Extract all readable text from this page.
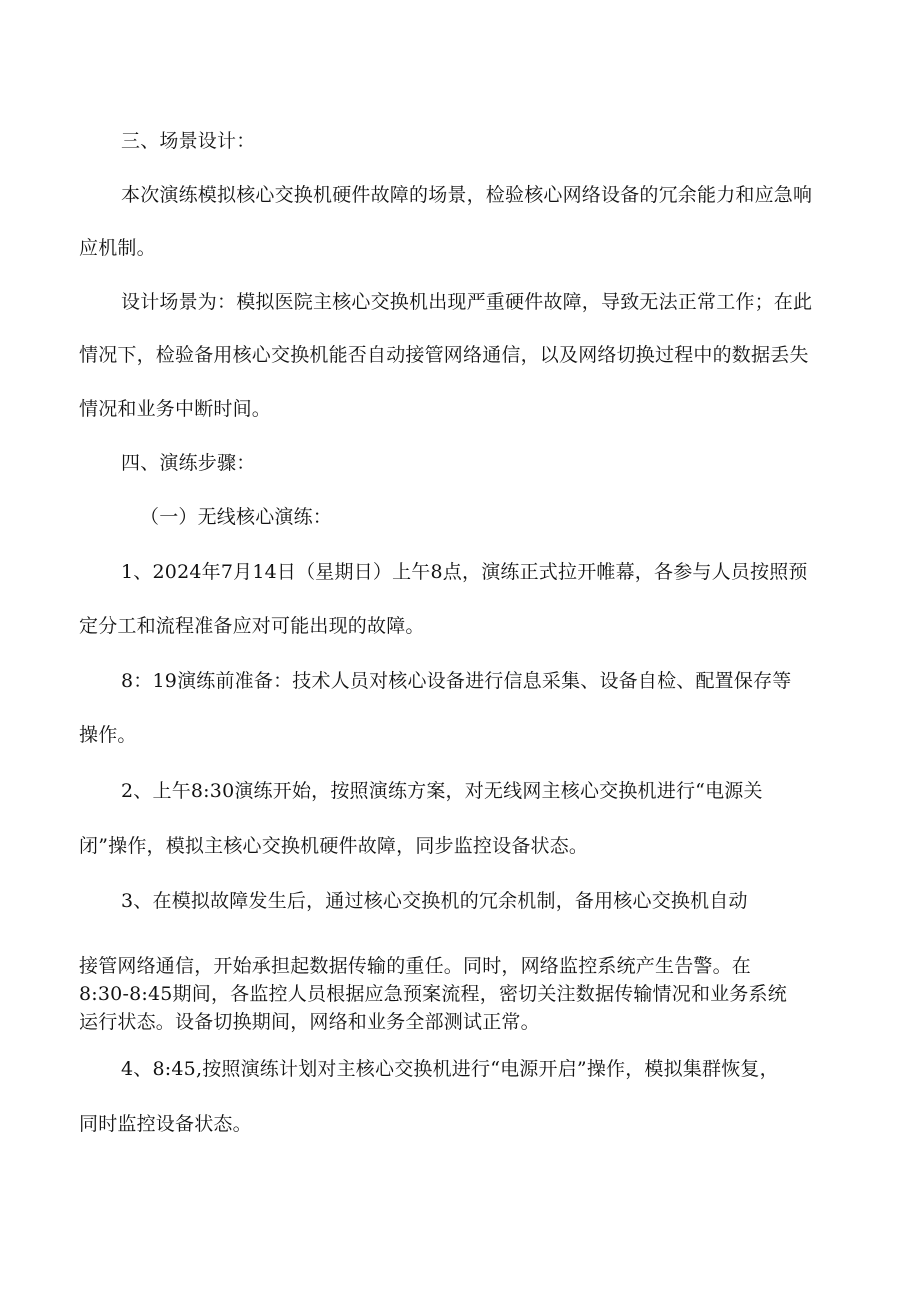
三、场景设计：
本次演练模拟核心交换机硬件故障的场景，检验核心网络设备的冗余能力和应急响
应机制。
设计场景为：模拟医院主核心交换机出现严重硬件故障，导致无法正常工作；在此
情况下，检验备用核心交换机能否自动接管网络通信，以及网络切换过程中的数据丢失
情况和业务中断时间。
四、演练步骤：
（一）无线核心演练：
1、2024年7月14日（星期日）上午8点，演练正式拉开帷幕，各参与人员按照预
定分工和流程准备应对可能出现的故障。
8：19演练前准备：技术人员对核心设备进行信息采集、设备自检、配置保存等
操作。
2、上午8:30演练开始，按照演练方案，对无线网主核心交换机进行“电源关
闭”操作，模拟主核心交换机硬件故障，同步监控设备状态。
3、在模拟故障发生后，通过核心交换机的冗余机制，备用核心交换机自动
接管网络通信，开始承担起数据传输的重任。同时，网络监控系统产生告警。在
8:30-8:45期间，各监控人员根据应急预案流程，密切关注数据传输情况和业务系统
运行状态。设备切换期间，网络和业务全部测试正常。
4、8:45,按照演练计划对主核心交换机进行“电源开启”操作，模拟集群恢复，
同时监控设备状态。
